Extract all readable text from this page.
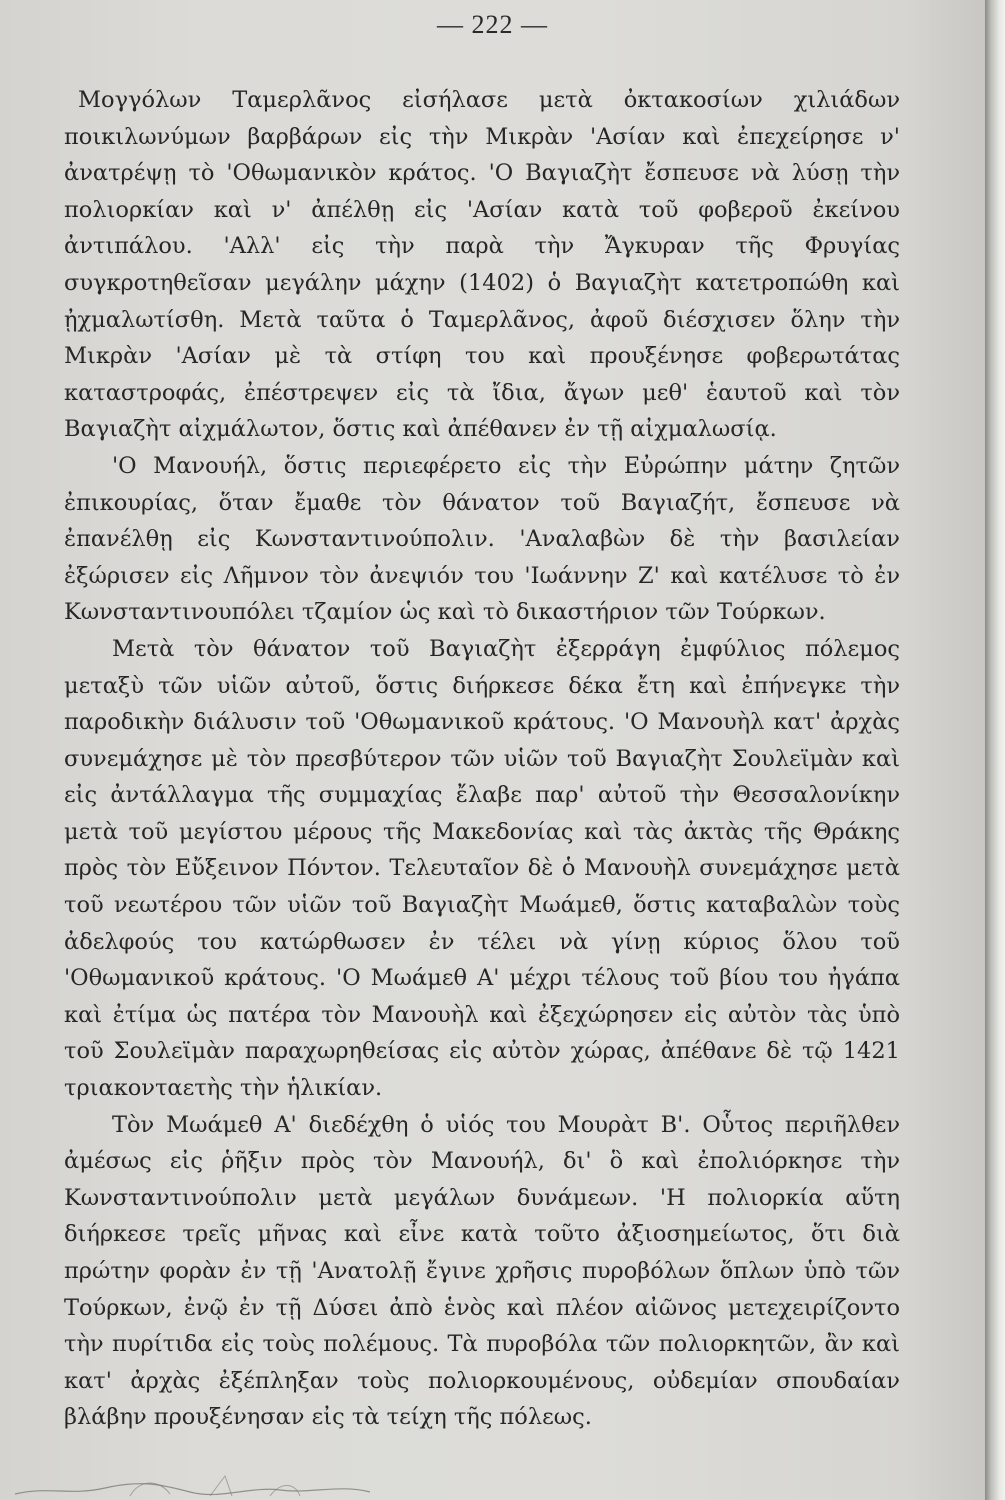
— 222 —

Μογγόλων Ταμερλᾶνος εἰσήλασε μετὰ ὀκτακοσίων χιλιάδων ποικιλωνύμων βαρβάρων εἰς τὴν Μικρὰν 'Ασίαν καὶ ἐπεχείρησε ν' ἀνατρέψῃ τὸ 'Οθωμανικὸν κράτος. 'Ο Βαγιαζὴτ ἔσπευσε νὰ λύσῃ τὴν πολιορκίαν καὶ ν' ἀπέλθῃ εἰς 'Ασίαν κατὰ τοῦ φοβεροῦ ἐκείνου ἀντιπάλου. 'Αλλ' εἰς τὴν παρὰ τὴν Ἄγκυραν τῆς Φρυγίας συγκροτηθεῖσαν μεγάλην μάχην (1402) ὁ Βαγιαζὴτ κατετροπώθη καὶ ᾐχμαλωτίσθη. Μετὰ ταῦτα ὁ Ταμερλᾶνος, ἀφοῦ διέσχισεν ὅλην τὴν Μικρὰν 'Ασίαν μὲ τὰ στίφη του καὶ προυξένησε φοβερωτάτας καταστροφάς, ἐπέστρεψεν εἰς τὰ ἴδια, ἄγων μεθ' ἑαυτοῦ καὶ τὸν Βαγιαζὴτ αἰχμάλωτον, ὅστις καὶ ἀπέθανεν ἐν τῇ αἰχμαλωσίᾳ.

'Ο Μανουήλ, ὅστις περιεφέρετο εἰς τὴν Εὐρώπην μάτην ζητῶν ἐπικουρίας, ὅταν ἔμαθε τὸν θάνατον τοῦ Βαγιαζήτ, ἔσπευσε νὰ ἐπανέλθῃ εἰς Κωνσταντινούπολιν. 'Αναλαβὼν δὲ τὴν βασιλείαν ἐξώρισεν εἰς Λῆμνον τὸν ἀνεψιόν του 'Ιωάννην Ζ' καὶ κατέλυσε τὸ ἐν Κωνσταντινουπόλει τζαμίον ὡς καὶ τὸ δικαστήριον τῶν Τούρκων.

Μετὰ τὸν θάνατον τοῦ Βαγιαζὴτ ἐξερράγη ἐμφύλιος πόλεμος μεταξὺ τῶν υἱῶν αὐτοῦ, ὅστις διήρκεσε δέκα ἔτη καὶ ἐπήνεγκε τὴν παροδικὴν διάλυσιν τοῦ 'Οθωμανικοῦ κράτους. 'Ο Μανουὴλ κατ' ἀρχὰς συνεμάχησε μὲ τὸν πρεσβύτερον τῶν υἱῶν τοῦ Βαγιαζὴτ Σουλεϊμὰν καὶ εἰς ἀντάλλαγμα τῆς συμμαχίας ἔλαβε παρ' αὐτοῦ τὴν Θεσσαλονίκην μετὰ τοῦ μεγίστου μέρους τῆς Μακεδονίας καὶ τὰς ἀκτὰς τῆς Θράκης πρὸς τὸν Εὔξεινον Πόντον. Τελευταῖον δὲ ὁ Μανουὴλ συνεμάχησε μετὰ τοῦ νεωτέρου τῶν υἱῶν τοῦ Βαγιαζὴτ Μωάμεθ, ὅστις καταβαλὼν τοὺς ἀδελφούς του κατώρθωσεν ἐν τέλει νὰ γίνῃ κύριος ὅλου τοῦ 'Οθωμανικοῦ κράτους. 'Ο Μωάμεθ Α' μέχρι τέλους τοῦ βίου του ἠγάπα καὶ ἐτίμα ὡς πατέρα τὸν Μανουὴλ καὶ ἐξεχώρησεν εἰς αὐτὸν τὰς ὑπὸ τοῦ Σουλεϊμὰν παραχωρηθείσας εἰς αὐτὸν χώρας, ἀπέθανε δὲ τῷ 1421 τριακονταετὴς τὴν ἡλικίαν.

Τὸν Μωάμεθ Α' διεδέχθη ὁ υἱός του Μουρὰτ Β'. Οὗτος περιῆλθεν ἀμέσως εἰς ῥῆξιν πρὸς τὸν Μανουήλ, δι' ὃ καὶ ἐπολιόρκησε τὴν Κωνσταντινούπολιν μετὰ μεγάλων δυνάμεων. 'Η πολιορκία αὕτη διήρκεσε τρεῖς μῆνας καὶ εἶνε κατὰ τοῦτο ἀξιοσημείωτος, ὅτι διὰ πρώτην φορὰν ἐν τῇ 'Ανατολῇ ἔγινε χρῆσις πυροβόλων ὅπλων ὑπὸ τῶν Τούρκων, ἐνῷ ἐν τῇ Δύσει ἀπὸ ἑνὸς καὶ πλέον αἰῶνος μετεχειρίζοντο τὴν πυρίτιδα εἰς τοὺς πολέμους. Τὰ πυροβόλα τῶν πολιορκητῶν, ἂν καὶ κατ' ἀρχὰς ἐξέπληξαν τοὺς πολιορκουμένους, οὐδεμίαν σπουδαίαν βλάβην προυξένησαν εἰς τὰ τείχη τῆς πόλεως.
